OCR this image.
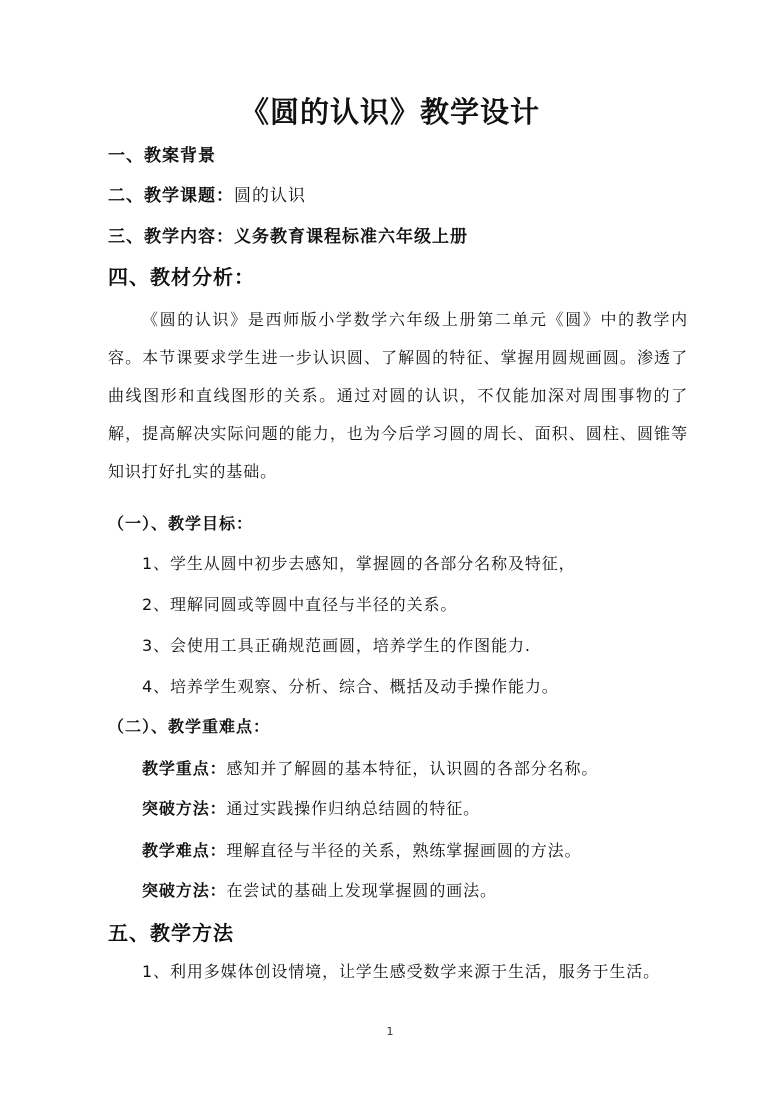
《圆的认识》教学设计
一、教案背景
二、教学课题：圆的认识
三、教学内容：义务教育课程标准六年级上册
四、教材分析：
《圆的认识》是西师版小学数学六年级上册第二单元《圆》中的教学内容。本节课要求学生进一步认识圆、了解圆的特征、掌握用圆规画圆。渗透了曲线图形和直线图形的关系。通过对圆的认识，不仅能加深对周围事物的了解，提高解决实际问题的能力，也为今后学习圆的周长、面积、圆柱、圆锥等知识打好扎实的基础。
（一）、教学目标：
1、学生从圆中初步去感知，掌握圆的各部分名称及特征，
2、理解同圆或等圆中直径与半径的关系。
3、会使用工具正确规范画圆，培养学生的作图能力.
4、培养学生观察、分析、综合、概括及动手操作能力。
（二）、教学重难点：
教学重点：感知并了解圆的基本特征，认识圆的各部分名称。
突破方法：通过实践操作归纳总结圆的特征。
教学难点：理解直径与半径的关系，熟练掌握画圆的方法。
突破方法：在尝试的基础上发现掌握圆的画法。
五、教学方法
1、利用多媒体创设情境，让学生感受数学来源于生活，服务于生活。
1
